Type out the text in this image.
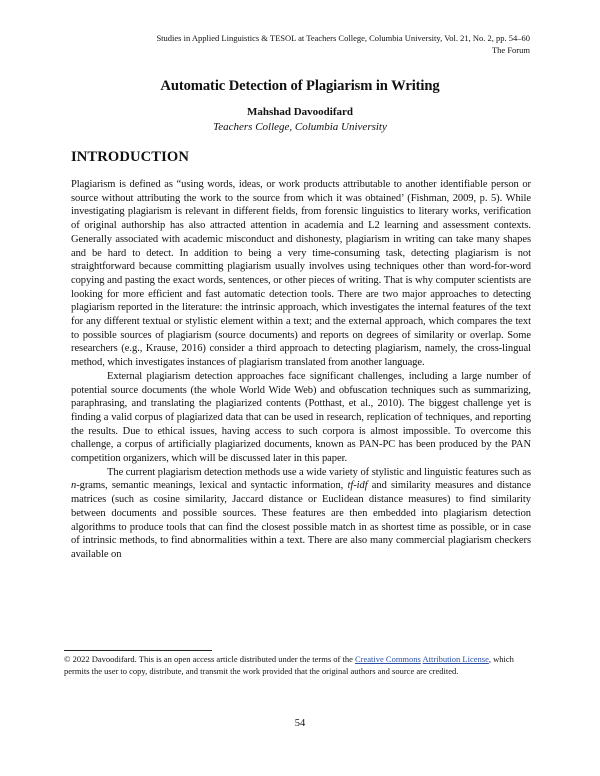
Studies in Applied Linguistics & TESOL at Teachers College, Columbia University, Vol. 21, No. 2, pp. 54–60
The Forum
Automatic Detection of Plagiarism in Writing
Mahshad Davoodifard
Teachers College, Columbia University
INTRODUCTION

Plagiarism is defined as “using words, ideas, or work products attributable to another identifiable person or source without attributing the work to the source from which it was obtained’ (Fishman, 2009, p. 5). While investigating plagiarism is relevant in different fields, from forensic linguistics to literary works, verification of original authorship has also attracted attention in academia and L2 learning and assessment contexts. Generally associated with academic misconduct and dishonesty, plagiarism in writing can take many shapes and be hard to detect. In addition to being a very time-consuming task, detecting plagiarism is not straightforward because committing plagiarism usually involves using techniques other than word-for-word copying and pasting the exact words, sentences, or other pieces of writing. That is why computer scientists are looking for more efficient and fast automatic detection tools. There are two major approaches to detecting plagiarism reported in the literature: the intrinsic approach, which investigates the internal features of the text for any different textual or stylistic element within a text; and the external approach, which compares the text to possible sources of plagiarism (source documents) and reports on degrees of similarity or overlap. Some researchers (e.g., Krause, 2016) consider a third approach to detecting plagiarism, namely, the cross-lingual method, which investigates instances of plagiarism translated from another language.

External plagiarism detection approaches face significant challenges, including a large number of potential source documents (the whole World Wide Web) and obfuscation techniques such as summarizing, paraphrasing, and translating the plagiarized contents (Potthast, et al., 2010). The biggest challenge yet is finding a valid corpus of plagiarized data that can be used in research, replication of techniques, and reporting the results. Due to ethical issues, having access to such corpora is almost impossible. To overcome this challenge, a corpus of artificially plagiarized documents, known as PAN-PC has been produced by the PAN competition organizers, which will be discussed later in this paper.

The current plagiarism detection methods use a wide variety of stylistic and linguistic features such as n-grams, semantic meanings, lexical and syntactic information, tf-idf and similarity measures and distance matrices (such as cosine similarity, Jaccard distance or Euclidean distance measures) to find similarity between documents and possible sources. These features are then embedded into plagiarism detection algorithms to produce tools that can find the closest possible match in as shortest time as possible, or in case of intrinsic methods, to find abnormalities within a text. There are also many commercial plagiarism checkers available on

© 2022 Davoodifard. This is an open access article distributed under the terms of the Creative Commons Attribution License, which permits the user to copy, distribute, and transmit the work provided that the original authors and source are credited.
54
